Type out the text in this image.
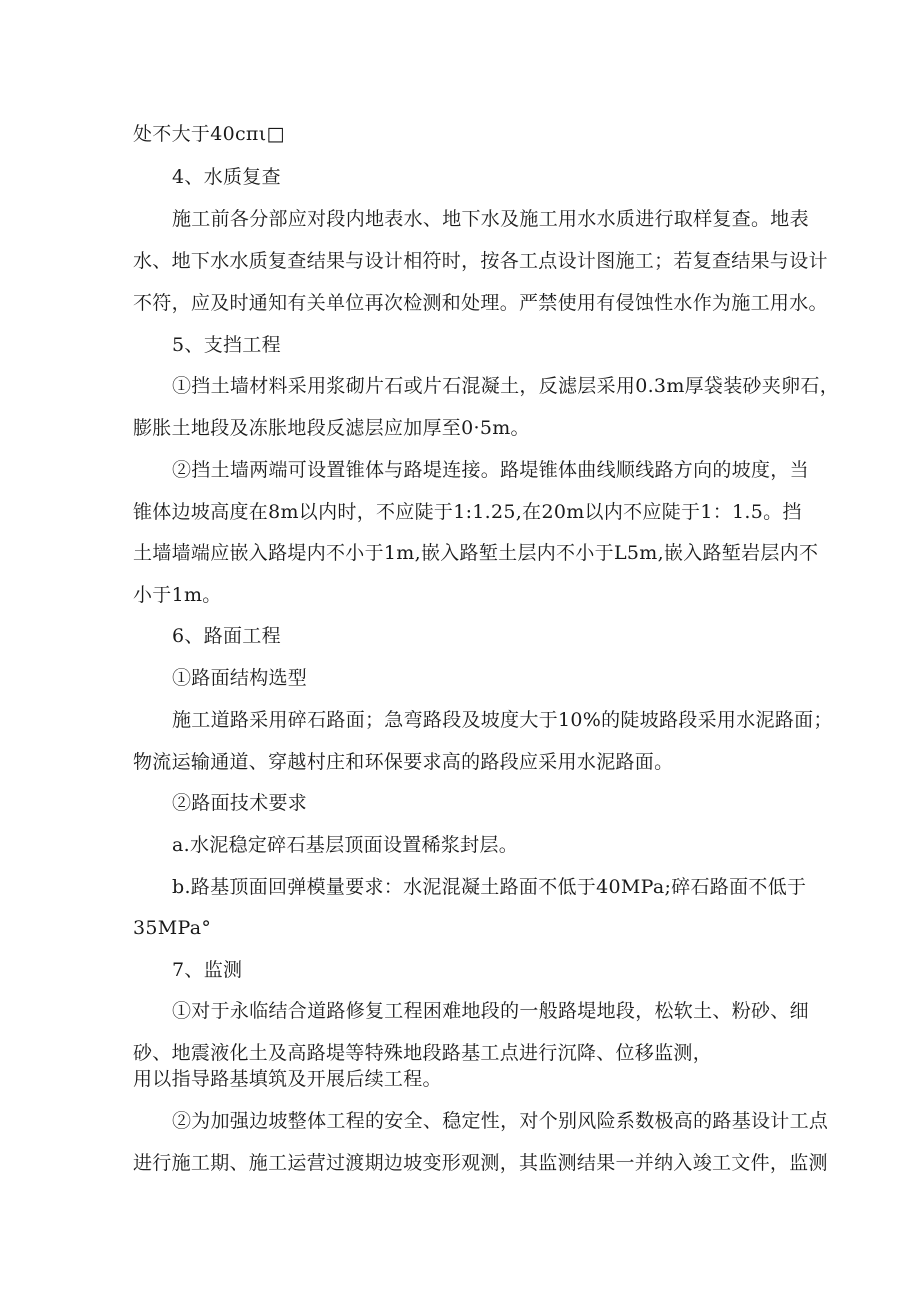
处不大于40cπι□
4、水质复查
施工前各分部应对段内地表水、地下水及施工用水水质进行取样复查。地表
水、地下水水质复查结果与设计相符时，按各工点设计图施工；若复查结果与设计
不符，应及时通知有关单位再次检测和处理。严禁使用有侵蚀性水作为施工用水。
5、支挡工程
①挡土墙材料采用浆砌片石或片石混凝土，反滤层采用0.3m厚袋装砂夹卵石，
膨胀土地段及冻胀地段反滤层应加厚至0·5m。
②挡土墙两端可设置锥体与路堤连接。路堤锥体曲线顺线路方向的坡度，当
锥体边坡高度在8m以内时，不应陡于1:1.25,在20m以内不应陡于1：1.5。挡
土墙墙端应嵌入路堤内不小于1m,嵌入路堑土层内不小于L5m,嵌入路堑岩层内不
小于1m。
6、路面工程
①路面结构选型
施工道路采用碎石路面；急弯路段及坡度大于10%的陡坡路段采用水泥路面；
物流运输通道、穿越村庄和环保要求高的路段应采用水泥路面。
②路面技术要求
a.水泥稳定碎石基层顶面设置稀浆封层。
b.路基顶面回弹模量要求：水泥混凝土路面不低于40MPa;碎石路面不低于
35MPa°
7、监测
①对于永临结合道路修复工程困难地段的一般路堤地段，松软土、粉砂、细
砂、地震液化土及高路堤等特殊地段路基工点进行沉降、位移监测，
用以指导路基填筑及开展后续工程。
②为加强边坡整体工程的安全、稳定性，对个别风险系数极高的路基设计工点
进行施工期、施工运营过渡期边坡变形观测，其监测结果一并纳入竣工文件，监测
